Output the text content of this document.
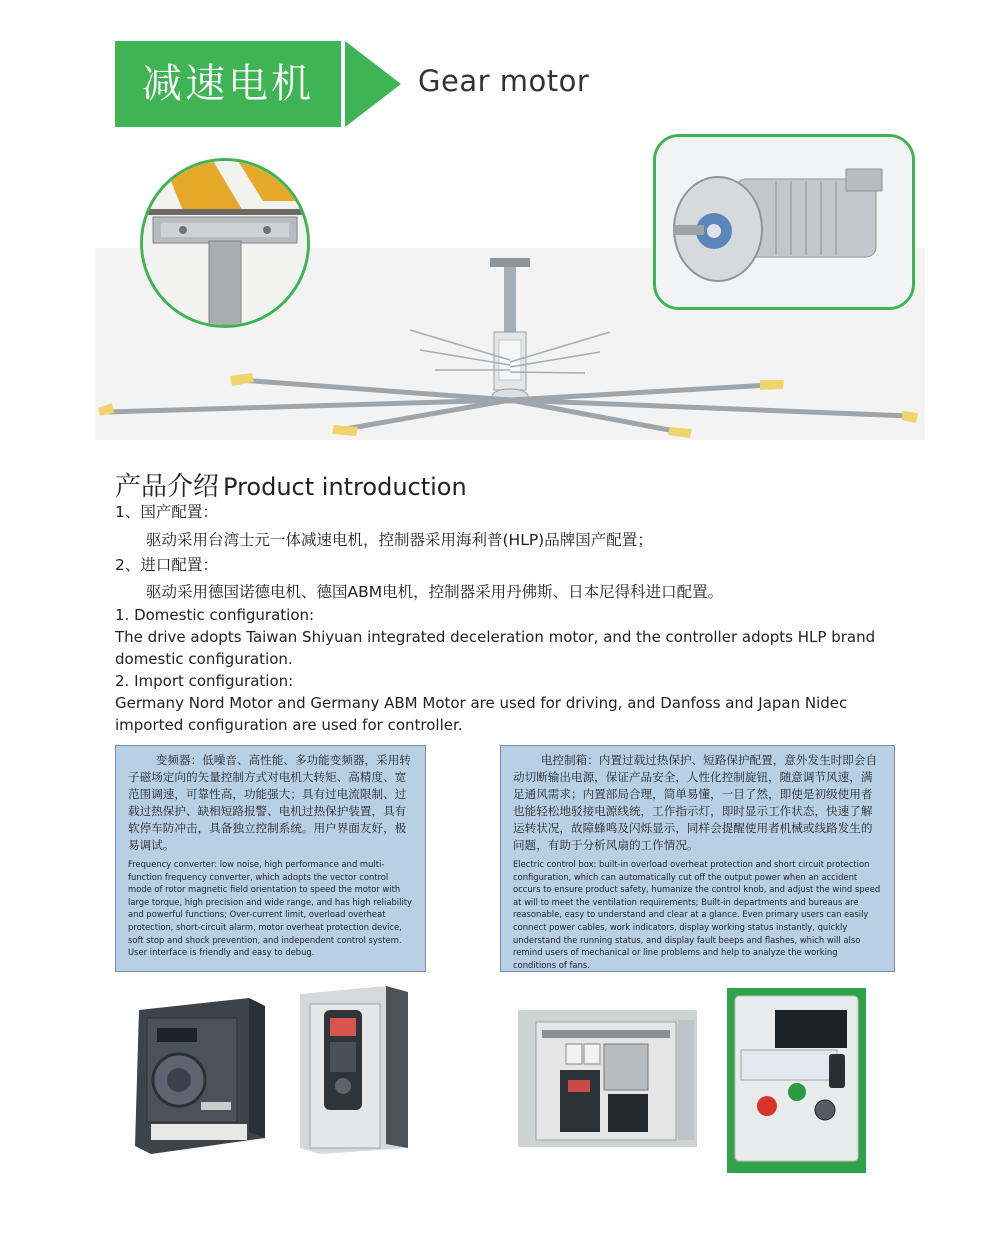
减速电机	Gear motor
产品介绍 Product introduction
1、国产配置：
驱动采用台湾士元一体减速电机，控制器采用海利普(HLP)品牌国产配置；
2、进口配置：
驱动采用德国诺德电机、德国ABM电机，控制器采用丹佛斯、日本尼得科进口配置。
1. Domestic configuration:
The drive adopts Taiwan Shiyuan integrated deceleration motor, and the controller adopts HLP brand domestic configuration.
2. Import configuration:
Germany Nord Motor and Germany ABM Motor are used for driving, and Danfoss and Japan Nidec imported configuration are used for controller.
变频器：低噪音、高性能、多功能变频器，采用转子磁场定向的矢量控制方式对电机大转矩、高精度、宽范围调速，可靠性高，功能强大；具有过电流限制、过载过热保护、缺相短路报警、电机过热保护装置，具有软停车防冲击，具备独立控制系统。用户界面友好，极易调试。
Frequency converter: low noise, high performance and multi-function frequency converter, which adopts the vector control mode of rotor magnetic field orientation to speed the motor with large torque, high precision and wide range, and has high reliability and powerful functions; Over-current limit, overload overheat protection, short-circuit alarm, motor overheat protection device, soft stop and shock prevention, and independent control system. User interface is friendly and easy to debug.
电控制箱：内置过载过热保护、短路保护配置，意外发生时即会自动切断输出电源，保证产品安全，人性化控制旋钮，随意调节风速，满足通风需求；内置部局合理，简单易懂，一目了然，即使是初级使用者也能轻松地驳接电源线统，工作指示灯，即时显示工作状态，快速了解运转状况，故障蜂鸣及闪烁显示，同样会提醒使用者机械或线路发生的问题，有助于分析风扇的工作情况。
Electric control box: built-in overload overheat protection and short circuit protection configuration, which can automatically cut off the output power when an accident occurs to ensure product safety, humanize the control knob, and adjust the wind speed at will to meet the ventilation requirements; Built-in departments and bureaus are reasonable, easy to understand and clear at a glance. Even primary users can easily connect power cables, work indicators, display working status instantly, quickly understand the running status, and display fault beeps and flashes, which will also remind users of mechanical or line problems and help to analyze the working conditions of fans.
